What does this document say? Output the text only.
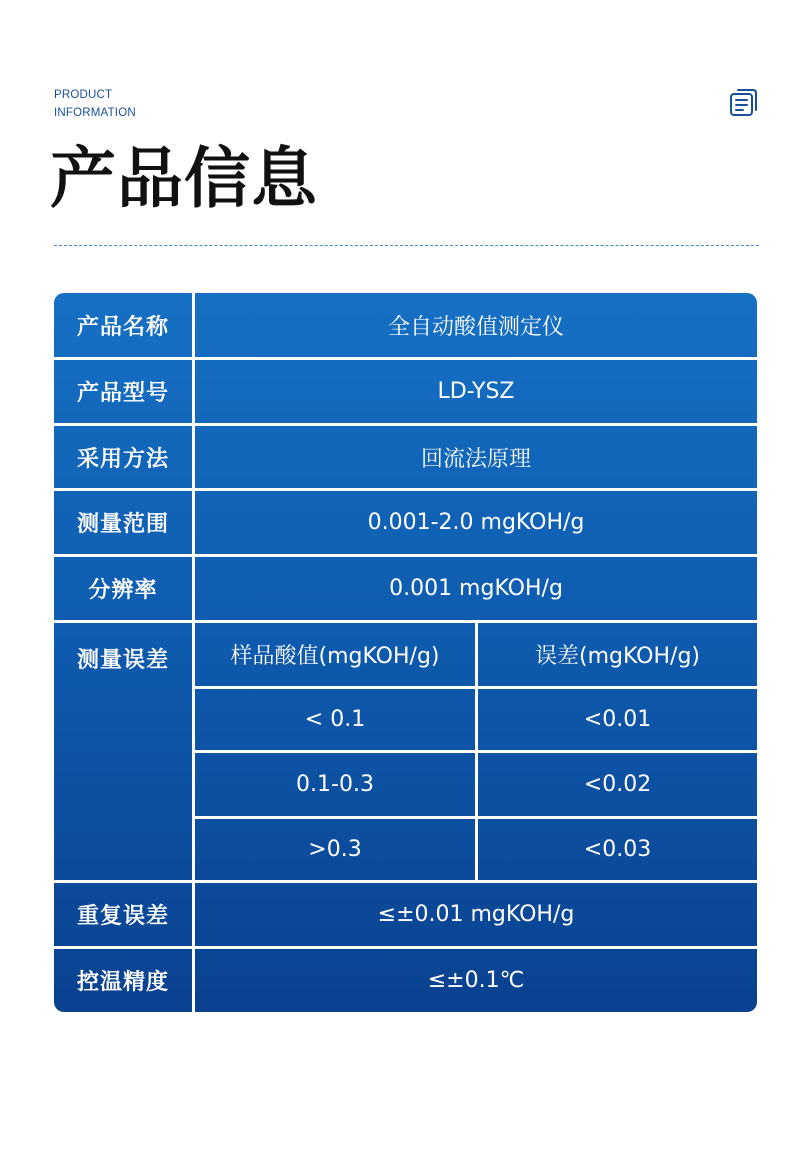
PRODUCT
INFORMATION
产品信息
产品名称	全自动酸值测定仪
产品型号	LD-YSZ
采用方法	回流法原理
测量范围	0.001-2.0 mgKOH/g
分辨率	0.001 mgKOH/g
测量误差	样品酸值(mgKOH/g)	误差(mgKOH/g)
< 0.1	<0.01
0.1-0.3	<0.02
>0.3	<0.03
重复误差	≤±0.01 mgKOH/g
控温精度	≤±0.1℃
